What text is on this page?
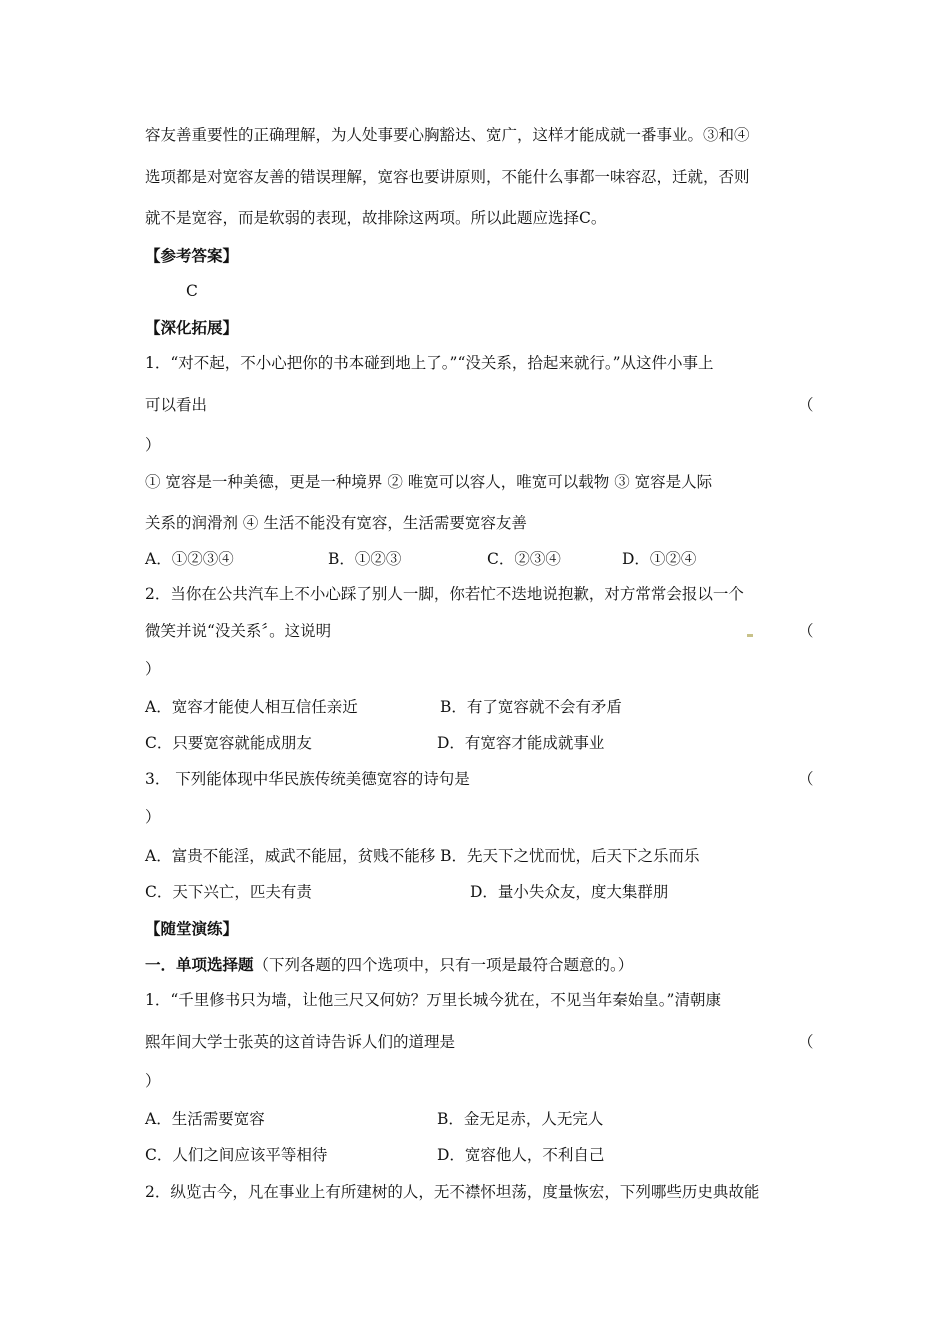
容友善重要性的正确理解，为人处事要心胸豁达、宽广，这样才能成就一番事业。③和④
选项都是对宽容友善的错误理解，宽容也要讲原则，不能什么事都一味容忍，迁就，否则
就不是宽容，而是软弱的表现，故排除这两项。所以此题应选择C。
【参考答案】
C
【深化拓展】
1．“对不起，不小心把你的书本碰到地上了。”“没关系，拾起来就行。”从这件小事上
可以看出	（
）
① 宽容是一种美德，更是一种境界 ② 唯宽可以容人，唯宽可以载物 ③ 宽容是人际
关系的润滑剂 ④ 生活不能没有宽容，生活需要宽容友善
A．①②③④	B．①②③	C．②③④	D．①②④
2．当你在公共汽车上不小心踩了别人一脚，你若忙不迭地说抱歉，对方常常会报以一个
微笑并说“没关系〞。这说明	（
）
A．宽容才能使人相互信任亲近	B．有了宽容就不会有矛盾
C．只要宽容就能成朋友	D．有宽容才能成就事业
3． 下列能体现中华民族传统美德宽容的诗句是	（
）
A．富贵不能淫，威武不能屈，贫贱不能移 B．先天下之忧而忧，后天下之乐而乐
C．天下兴亡，匹夫有责	D．量小失众友，度大集群朋
【随堂演练】
一．单项选择题（下列各题的四个选项中，只有一项是最符合题意的。）
1．“千里修书只为墙，让他三尺又何妨？万里长城今犹在，不见当年秦始皇。”清朝康
熙年间大学士张英的这首诗告诉人们的道理是	（
）
A．生活需要宽容	B．金无足赤，人无完人
C．人们之间应该平等相待	D．宽容他人，不利自己
2．纵览古今，凡在事业上有所建树的人，无不襟怀坦荡，度量恢宏，下列哪些历史典故能
